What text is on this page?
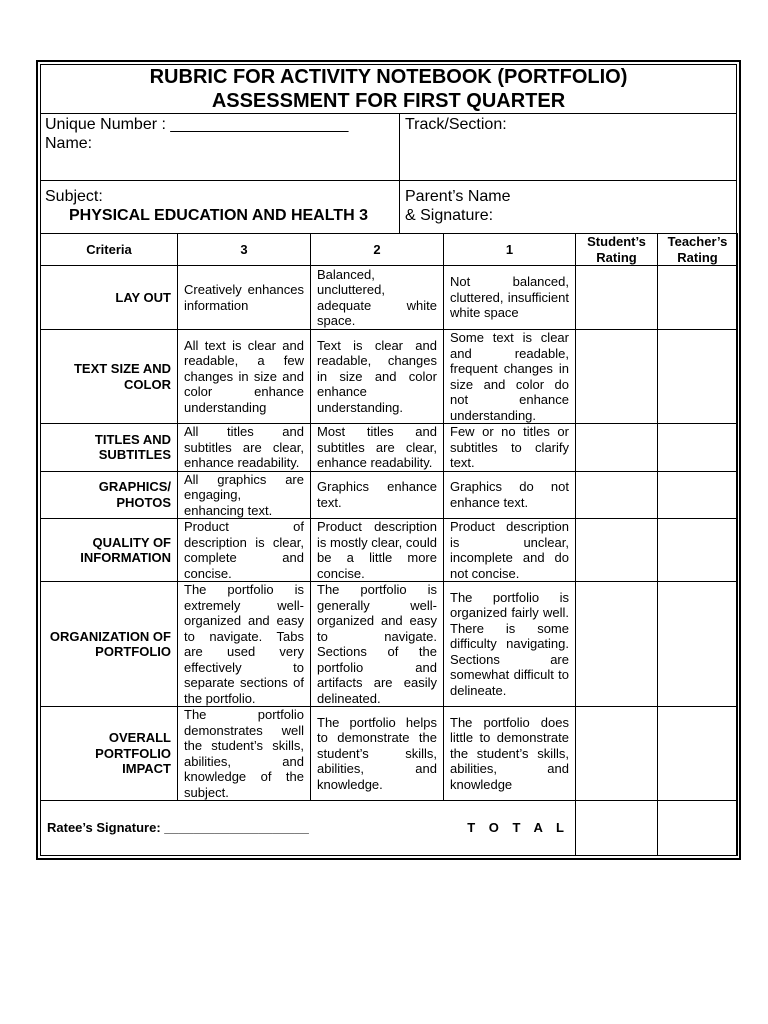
RUBRIC FOR ACTIVITY NOTEBOOK (PORTFOLIO)
ASSESSMENT FOR FIRST QUARTER
Unique Number : ____________________
Name:
Track/Section:
Subject:
PHYSICAL EDUCATION AND HEALTH 3
Parent’s Name
& Signature:
Criteria	3	2	1	Student’s Rating	Teacher’s Rating
LAY OUT	Creatively enhances information	Balanced, uncluttered, adequate white space.	Not balanced, cluttered, insufficient white space		
TEXT SIZE AND COLOR	All text is clear and readable, a few changes in size and color enhance understanding	Text is clear and readable, changes in size and color enhance understanding.	Some text is clear and readable, frequent changes in size and color do not enhance understanding.		
TITLES AND SUBTITLES	All titles and subtitles are clear, enhance readability.	Most titles and subtitles are clear, enhance readability.	Few or no titles or subtitles to clarify text.		
GRAPHICS/ PHOTOS	All graphics are engaging, enhancing text.	Graphics enhance text.	Graphics do not enhance text.		
QUALITY OF INFORMATION	Product of description is clear, complete and concise.	Product description is mostly clear, could be a little more concise.	Product description is unclear, incomplete and do not concise.		
ORGANIZATION OF PORTFOLIO	The portfolio is extremely well-organized and easy to navigate. Tabs are used very effectively to separate sections of the portfolio.	The portfolio is generally well-organized and easy to navigate. Sections of the portfolio and artifacts are easily delineated.	The portfolio is organized fairly well. There is some difficulty navigating. Sections are somewhat difficult to delineate.		
OVERALL PORTFOLIO IMPACT	The portfolio demonstrates well the student’s skills, abilities, and knowledge of the subject.	The portfolio helps to demonstrate the student’s skills, abilities, and knowledge.	The portfolio does little to demonstrate the student’s skills, abilities, and knowledge		
Ratee’s Signature: ____________________			T O T A L		
